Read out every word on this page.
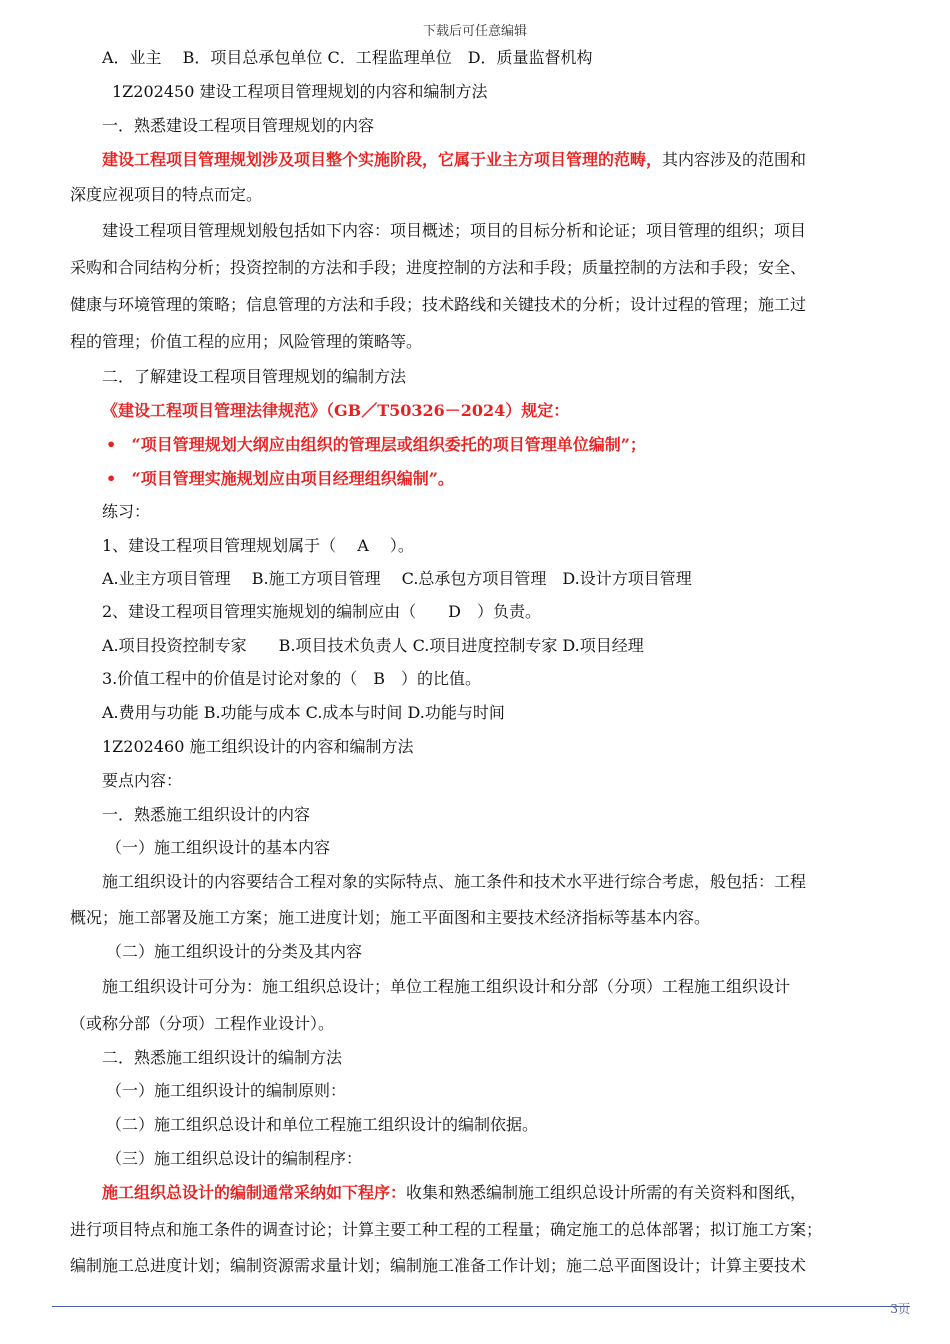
下载后可任意编辑
A．业主　 B．项目总承包单位 C．工程监理单位　D．质量监督机构
1Z202450 建设工程项目管理规划的内容和编制方法
一．熟悉建设工程项目管理规划的内容
建设工程项目管理规划涉及项目整个实施阶段，它属于业主方项目管理的范畴，其内容涉及的范围和
深度应视项目的特点而定。
建设工程项目管理规划般包括如下内容：项目概述；项目的目标分析和论证；项目管理的组织；项目
采购和合同结构分析；投资控制的方法和手段；进度控制的方法和手段；质量控制的方法和手段；安全、
健康与环境管理的策略；信息管理的方法和手段；技术路线和关键技术的分析；设计过程的管理；施工过
程的管理；价值工程的应用；风险管理的策略等。
二．了解建设工程项目管理规划的编制方法
《建设工程项目管理法律规范》（GB／T50326－2024）规定：
• “项目管理规划大纲应由组织的管理层或组织委托的项目管理单位编制”；
• “项目管理实施规划应由项目经理组织编制”。
练习：
1、建设工程项目管理规划属于（　 A　 ）。
A.业主方项目管理　 B.施工方项目管理　 C.总承包方项目管理　D.设计方项目管理
2、建设工程项目管理实施规划的编制应由（　　D　）负责。
A.项目投资控制专家　　B.项目技术负责人 C.项目进度控制专家 D.项目经理
3.价值工程中的价值是讨论对象的（　B　）的比值。
A.费用与功能 B.功能与成本 C.成本与时间 D.功能与时间
1Z202460 施工组织设计的内容和编制方法
要点内容：
一．熟悉施工组织设计的内容
（一）施工组织设计的基本内容
施工组织设计的内容要结合工程对象的实际特点、施工条件和技术水平进行综合考虑，般包括：工程
概况；施工部署及施工方案；施工进度计划；施工平面图和主要技术经济指标等基本内容。
（二）施工组织设计的分类及其内容
施工组织设计可分为：施工组织总设计；单位工程施工组织设计和分部（分项）工程施工组织设计
（或称分部（分项）工程作业设计）。
二．熟悉施工组织设计的编制方法
（一）施工组织设计的编制原则：
（二）施工组织总设计和单位工程施工组织设计的编制依据。
（三）施工组织总设计的编制程序：
施工组织总设计的编制通常采纳如下程序：收集和熟悉编制施工组织总设计所需的有关资料和图纸，
进行项目特点和施工条件的调查讨论；计算主要工种工程的工程量；确定施工的总体部署；拟订施工方案；
编制施工总进度计划；编制资源需求量计划；编制施工准备工作计划；施二总平面图设计；计算主要技术
3页
